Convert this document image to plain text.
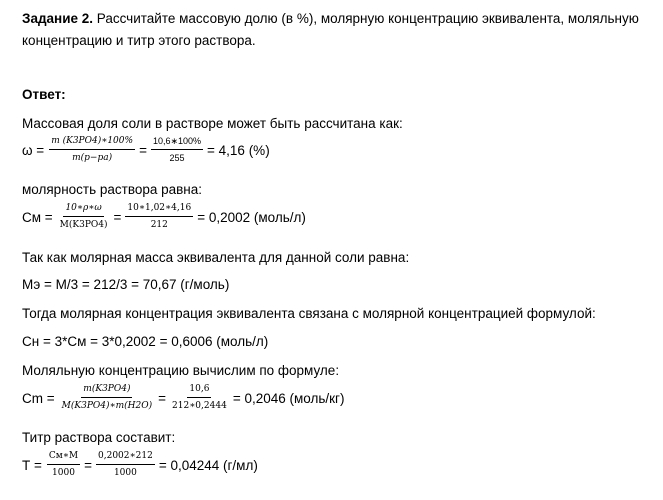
Задание 2. Рассчитайте массовую долю (в %), молярную концентрацию эквивалента, моляльную
концентрацию и титр этого раствора.
Ответ:
Массовая доля соли в растворе может быть рассчитана как:
$\omega = \frac{m (K3PO4)∗100\%}{m(р-ра)} = \frac{10,6∗100\%}{255} = 4,16$ (%)
молярность раствора равна:
Cм = $\frac{10∗\rho∗\omega}{M(K3PO4)} = \frac{10∗1,02∗4,16}{212} = 0,2002$ (моль/л)
Так как молярная масса эквивалента для данной соли равна:
Мэ = М/3 = 212/3 = 70,67 (г/моль)
Тогда молярная концентрация эквивалента связана с молярной концентрацией формулой:
Сн = 3*См = 3*0,2002 = 0,6006 (моль/л)
Моляльную концентрацию вычислим по формуле:
$Cm = \frac{m(K3PO4)}{M(K3PO4)∗m(H2O)} = \frac{10,6}{212∗0,2444} = 0,2046$ (моль/кг)
Титр раствора составит:
$Т = \frac{Cм∗M}{1000} = \frac{0,2002∗212}{1000} = 0,04244$ (г/мл)
